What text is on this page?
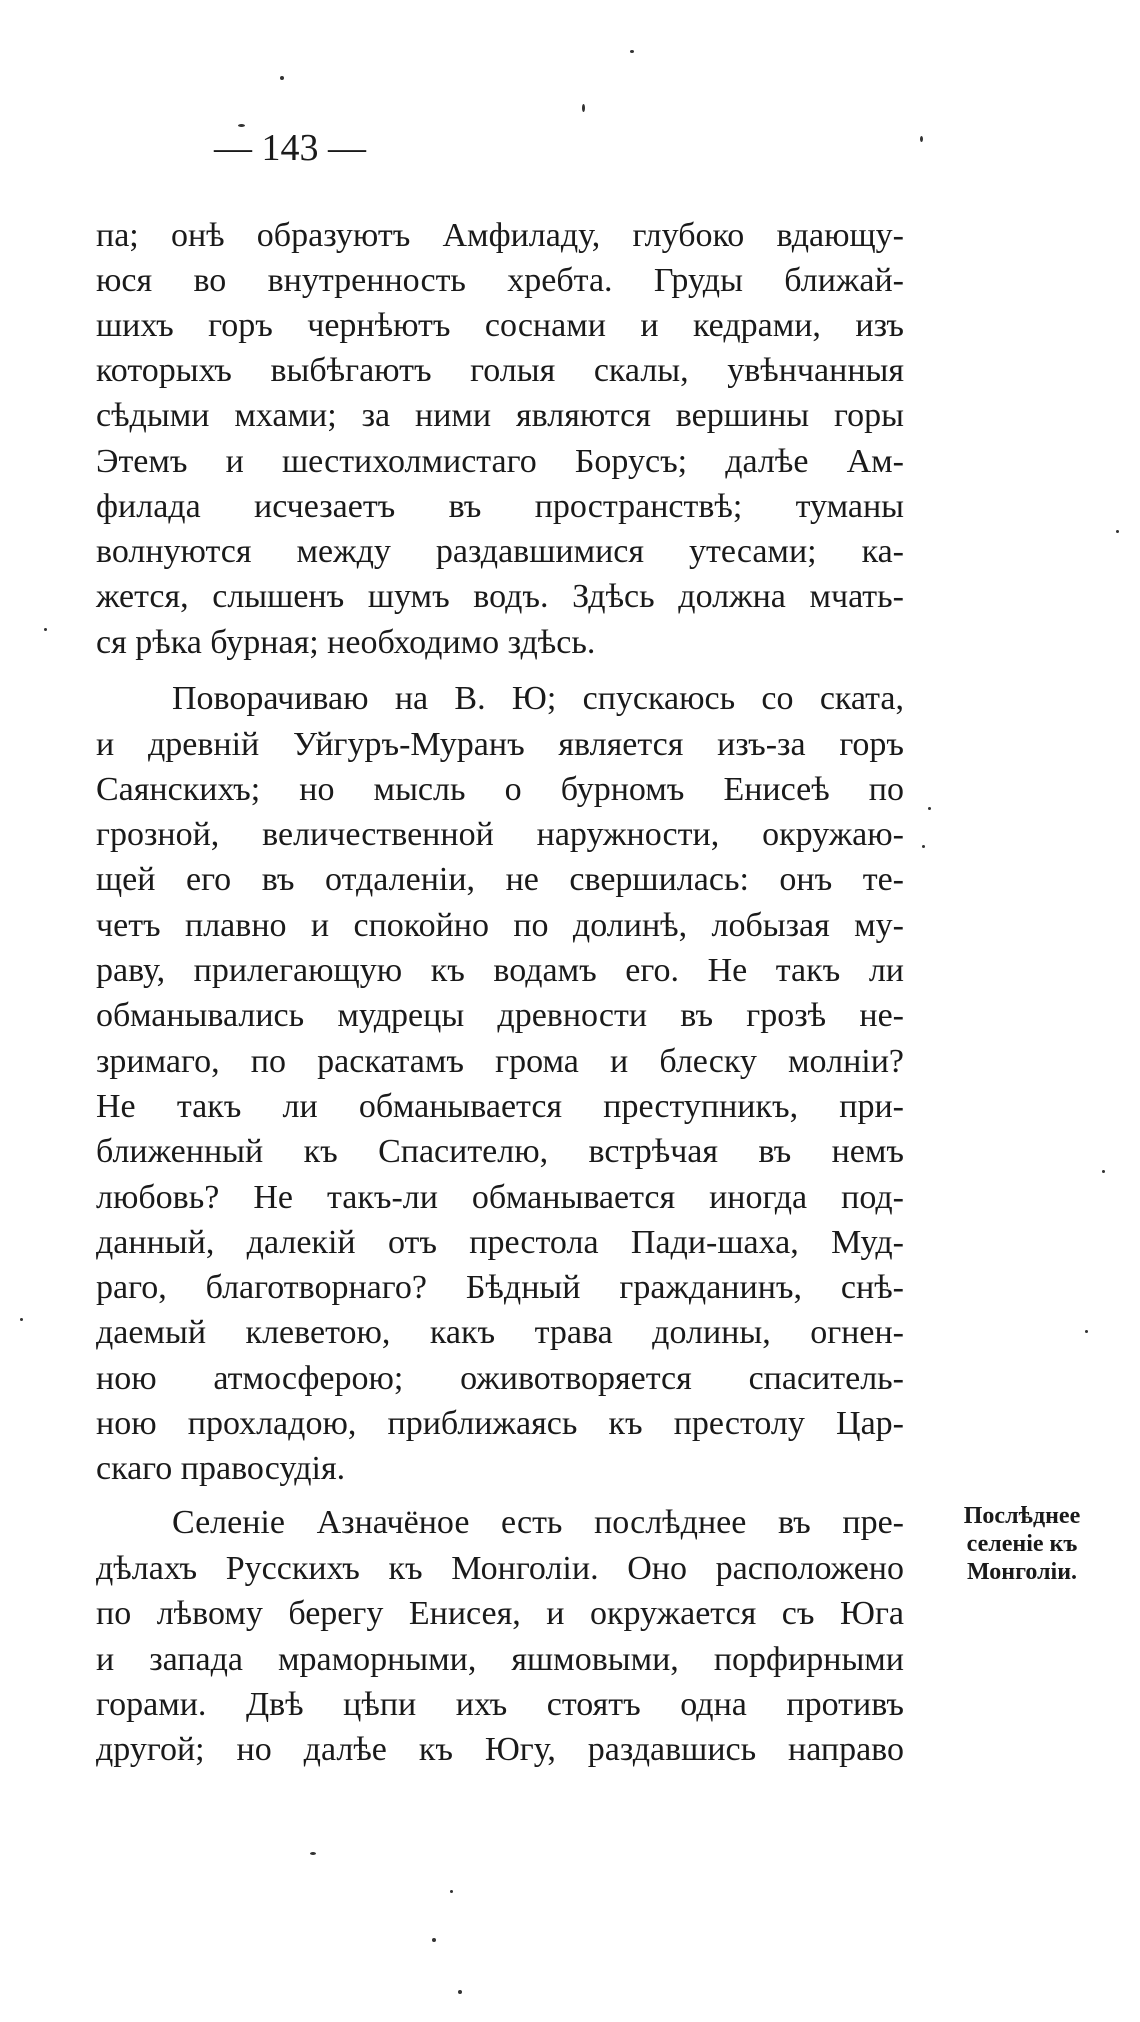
— 143 —
па; онѣ образуютъ Амфиладу, глубоко вдающу-
юся во внутренность хребта. Груды ближай-
шихъ горъ чернѣютъ соснами и кедрами, изъ
которыхъ выбѣгаютъ голыя скалы, увѣнчанныя
сѣдыми мхами; за ними являются вершины горы
Этемъ и шестихолмистаго Борусъ; далѣе Ам-
филада исчезаетъ въ пространствѣ; туманы
волнуются между раздавшимися утесами; ка-
жется, слышенъ шумъ водъ. Здѣсь должна мчать-
ся рѣка бурная; необходимо здѣсь.
Поворачиваю на В. Ю; спускаюсь со ската,
и древній Уйгуръ-Муранъ является изъ-за горъ
Саянскихъ; но мысль о бурномъ Енисеѣ по
грозной, величественной наружности, окружаю-
щей его въ отдаленіи, не свершилась: онъ те-
четъ плавно и спокойно по долинѣ, лобызая му-
раву, прилегающую къ водамъ его. Не такъ ли
обманывались мудрецы древности въ грозѣ не-
зримаго, по раскатамъ грома и блеску молніи?
Не такъ ли обманывается преступникъ, при-
ближенный къ Спасителю, встрѣчая въ немъ
любовь? Не такъ-ли обманывается иногда под-
данный, далекій отъ престола Пади-шаха, Муд-
раго, благотворнаго? Бѣдный гражданинъ, снѣ-
даемый клеветою, какъ трава долины, огнен-
ною атмосферою; оживотворяется спаситель-
ною прохладою, приближаясь къ престолу Цар-
скаго правосудія.
Селеніе Азначёное есть послѣднее въ пре-
дѣлахъ Русскихъ къ Монголіи. Оно расположено
по лѣвому берегу Енисея, и окружается съ Юга
и запада мраморными, яшмовыми, порфирными
горами. Двѣ цѣпи ихъ стоятъ одна противъ
другой; но далѣе къ Югу, раздавшись направо
Послѣднее
селеніе къ
Монголіи.
